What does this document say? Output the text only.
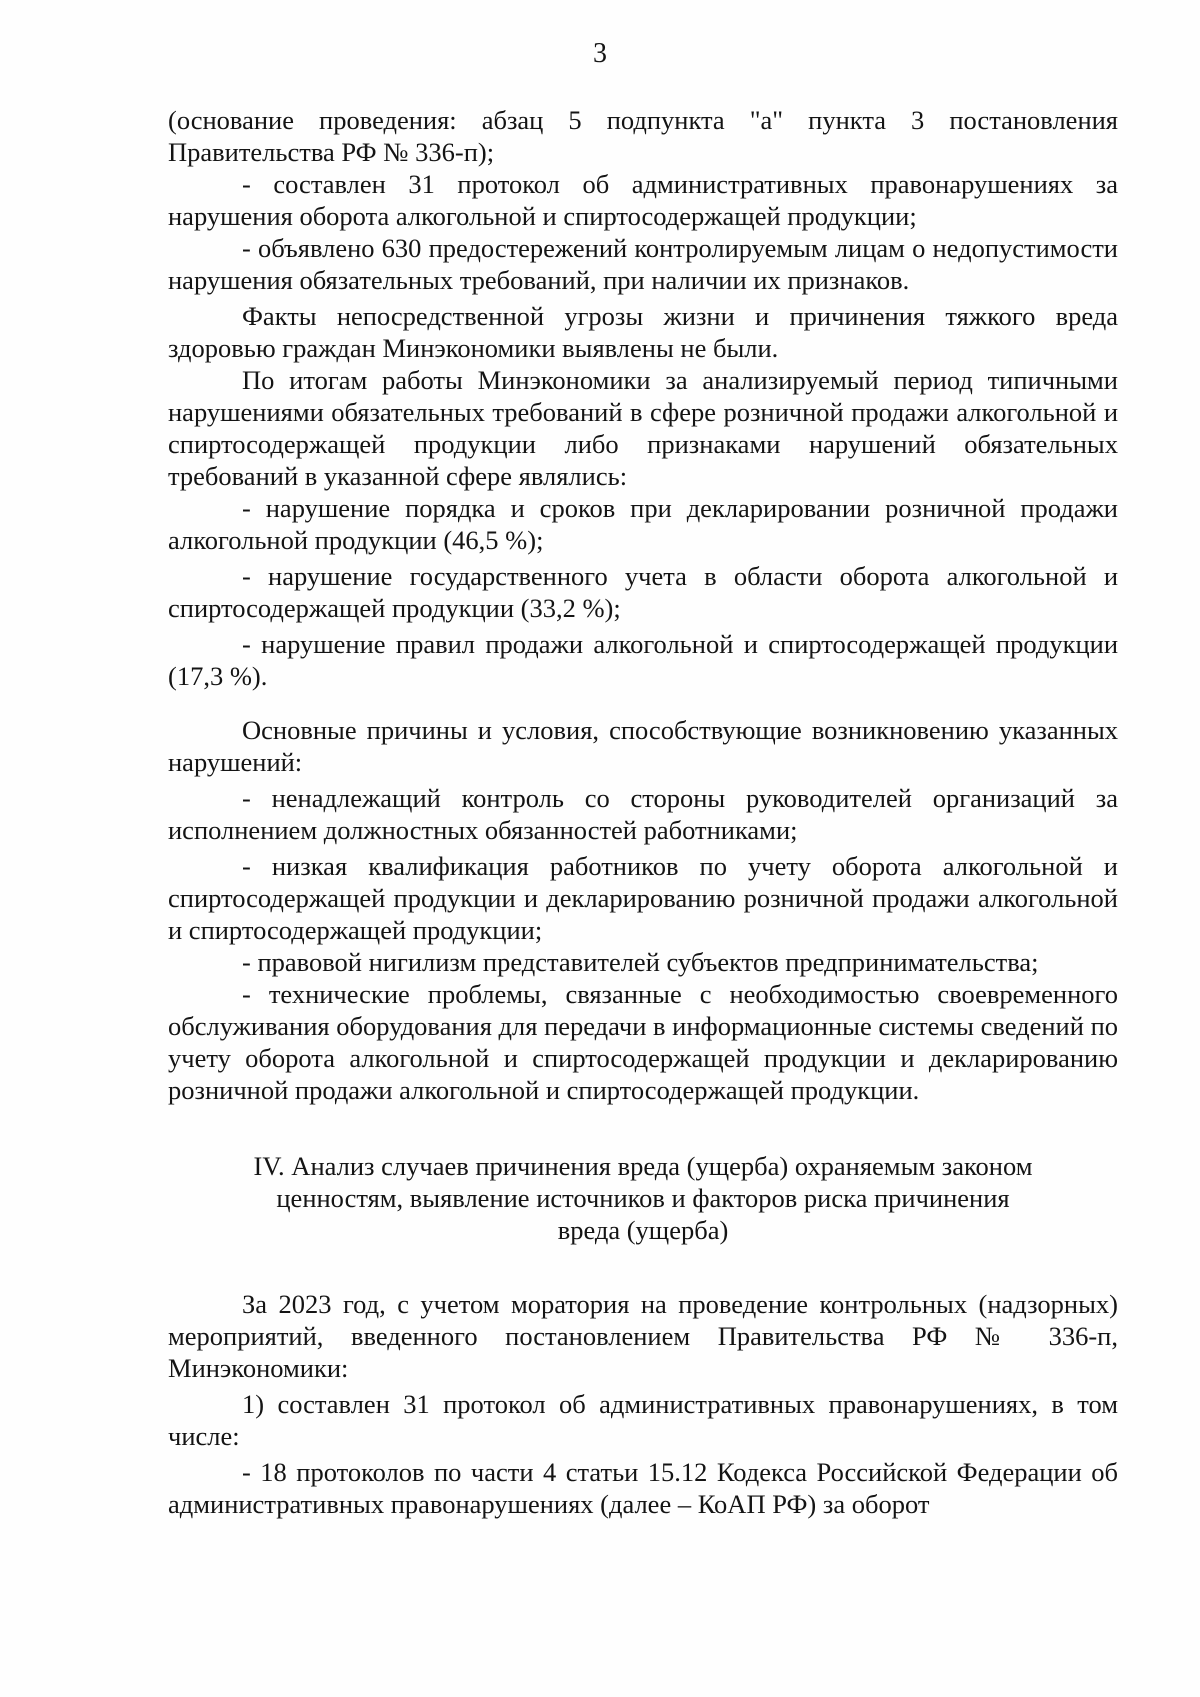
3

(основание проведения: абзац 5 подпункта "а" пункта 3 постановления Правительства РФ № 336-п);

- составлен 31 протокол об административных правонарушениях за нарушения оборота алкогольной и спиртосодержащей продукции;

- объявлено 630 предостережений контролируемым лицам о недопустимости нарушения обязательных требований, при наличии их признаков.

Факты непосредственной угрозы жизни и причинения тяжкого вреда здоровью граждан Минэкономики выявлены не были.

По итогам работы Минэкономики за анализируемый период типичными нарушениями обязательных требований в сфере розничной продажи алкогольной и спиртосодержащей продукции либо признаками нарушений обязательных требований в указанной сфере являлись:

- нарушение порядка и сроков при декларировании розничной продажи алкогольной продукции (46,5 %);

- нарушение государственного учета в области оборота алкогольной и спиртосодержащей продукции (33,2 %);

- нарушение правил продажи алкогольной и спиртосодержащей продукции (17,3 %).

Основные причины и условия, способствующие возникновению указанных нарушений:

- ненадлежащий контроль со стороны руководителей организаций за исполнением должностных обязанностей работниками;

- низкая квалификация работников по учету оборота алкогольной и спиртосодержащей продукции и декларированию розничной продажи алкогольной и спиртосодержащей продукции;

- правовой нигилизм представителей субъектов предпринимательства;

- технические проблемы, связанные с необходимостью своевременного обслуживания оборудования для передачи в информационные системы сведений по учету оборота алкогольной и спиртосодержащей продукции и декларированию розничной продажи алкогольной и спиртосодержащей продукции.

IV. Анализ случаев причинения вреда (ущерба) охраняемым законом
ценностям, выявление источников и факторов риска причинения
вреда (ущерба)

За 2023 год, с учетом моратория на проведение контрольных (надзорных) мероприятий, введенного постановлением Правительства РФ № 336-п, Минэкономики:

1) составлен 31 протокол об административных правонарушениях, в том числе:

- 18 протоколов по части 4 статьи 15.12 Кодекса Российской Федерации об административных правонарушениях (далее – КоАП РФ) за оборот
